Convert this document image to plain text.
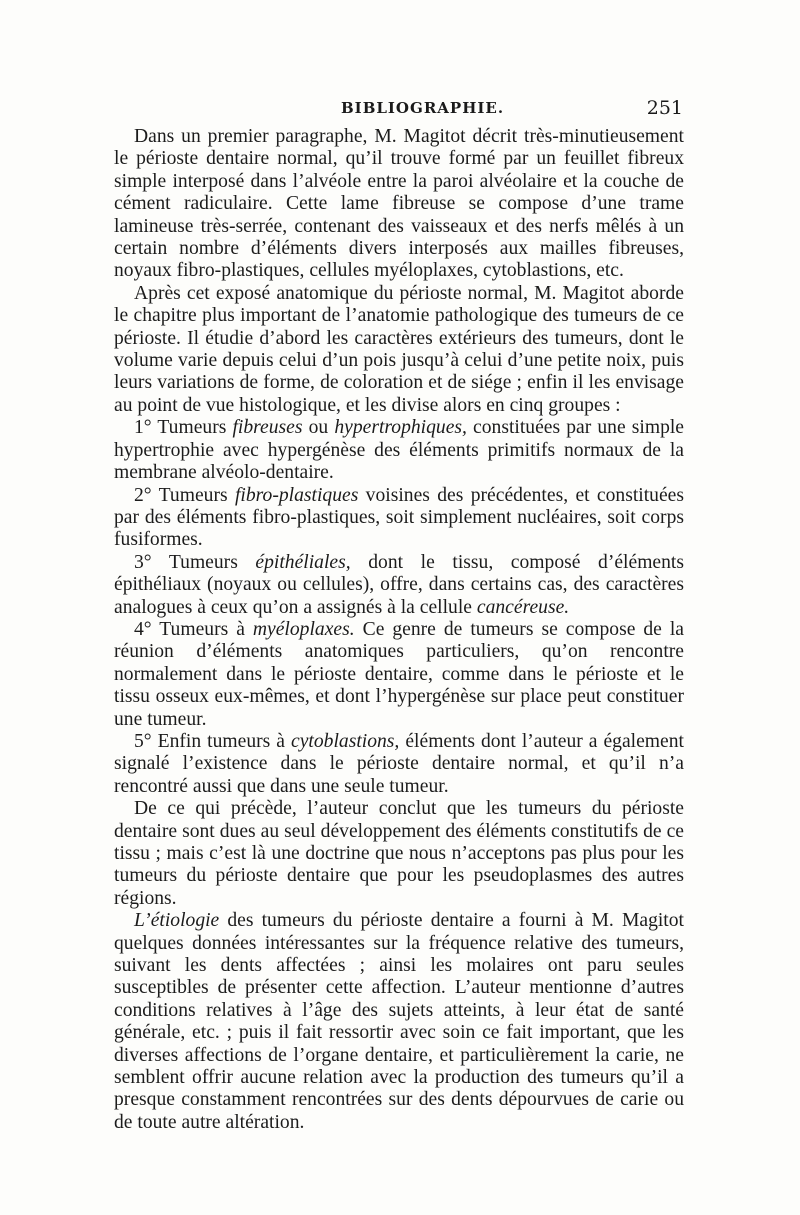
BIBLIOGRAPHIE.	251

Dans un premier paragraphe, M. Magitot décrit très-minutieusement le périoste dentaire normal, qu’il trouve formé par un feuillet fibreux simple interposé dans l’alvéole entre la paroi alvéolaire et la couche de cément radiculaire. Cette lame fibreuse se compose d’une trame lamineuse très-serrée, contenant des vaisseaux et des nerfs mêlés à un certain nombre d’éléments divers interposés aux mailles fibreuses, noyaux fibro-plastiques, cellules myéloplaxes, cytoblastions, etc.

Après cet exposé anatomique du périoste normal, M. Magitot aborde le chapitre plus important de l’anatomie pathologique des tumeurs de ce périoste. Il étudie d’abord les caractères extérieurs des tumeurs, dont le volume varie depuis celui d’un pois jusqu’à celui d’une petite noix, puis leurs variations de forme, de coloration et de siége ; enfin il les envisage au point de vue histologique, et les divise alors en cinq groupes :

1° Tumeurs fibreuses ou hypertrophiques, constituées par une simple hypertrophie avec hypergénèse des éléments primitifs normaux de la membrane alvéolo-dentaire.

2° Tumeurs fibro-plastiques voisines des précédentes, et constituées par des éléments fibro-plastiques, soit simplement nucléaires, soit corps fusiformes.

3° Tumeurs épithéliales, dont le tissu, composé d’éléments épithéliaux (noyaux ou cellules), offre, dans certains cas, des caractères analogues à ceux qu’on a assignés à la cellule cancéreuse.

4° Tumeurs à myéloplaxes. Ce genre de tumeurs se compose de la réunion d’éléments anatomiques particuliers, qu’on rencontre normalement dans le périoste dentaire, comme dans le périoste et le tissu osseux eux-mêmes, et dont l’hypergénèse sur place peut constituer une tumeur.

5° Enfin tumeurs à cytoblastions, éléments dont l’auteur a également signalé l’existence dans le périoste dentaire normal, et qu’il n’a rencontré aussi que dans une seule tumeur.

De ce qui précède, l’auteur conclut que les tumeurs du périoste dentaire sont dues au seul développement des éléments constitutifs de ce tissu ; mais c’est là une doctrine que nous n’acceptons pas plus pour les tumeurs du périoste dentaire que pour les pseudoplasmes des autres régions.

L’étiologie des tumeurs du périoste dentaire a fourni à M. Magitot quelques données intéressantes sur la fréquence relative des tumeurs, suivant les dents affectées ; ainsi les molaires ont paru seules susceptibles de présenter cette affection. L’auteur mentionne d’autres conditions relatives à l’âge des sujets atteints, à leur état de santé générale, etc. ; puis il fait ressortir avec soin ce fait important, que les diverses affections de l’organe dentaire, et particulièrement la carie, ne semblent offrir aucune relation avec la production des tumeurs qu’il a presque constamment rencontrées sur des dents dépourvues de carie ou de toute autre altération.
